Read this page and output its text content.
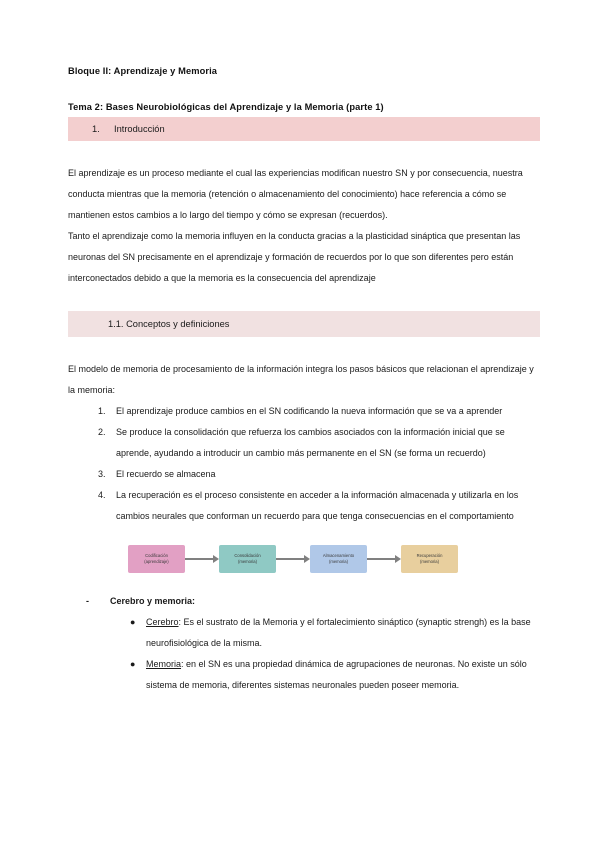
Bloque II: Aprendizaje y Memoria
Tema 2: Bases Neurobiológicas del Aprendizaje y la Memoria (parte 1)
1. Introducción

El aprendizaje es un proceso mediante el cual las experiencias modifican nuestro SN y por consecuencia, nuestra conducta mientras que la memoria (retención o almacenamiento del conocimiento) hace referencia a cómo se mantienen estos cambios a lo largo del tiempo y cómo se expresan (recuerdos).

Tanto el aprendizaje como la memoria influyen en la conducta gracias a la plasticidad sináptica que presentan las neuronas del SN precisamente en el aprendizaje y formación de recuerdos por lo que son diferentes pero están interconectados debido a que la memoria es la consecuencia del aprendizaje

1.1. Conceptos y definiciones

El modelo de memoria de procesamiento de la información integra los pasos básicos que relacionan el aprendizaje y la memoria:

1. El aprendizaje produce cambios en el SN codificando la nueva información que se va a aprender
2. Se produce la consolidación que refuerza los cambios asociados con la información inicial que se aprende, ayudando a introducir un cambio más permanente en el SN (se forma un recuerdo)
3. El recuerdo se almacena
4. La recuperación es el proceso consistente en acceder a la información almacenada y utilizarla en los cambios neurales que conforman un recuerdo para que tenga consecuencias en el comportamiento
Codificación
(aprendizaje)
Consolidación
(memoria)
Almacenamiento
(memoria)
Recuperación
(memoria)
- Cerebro y memoria:
● Cerebro: Es el sustrato de la Memoria y el fortalecimiento sináptico (synaptic strengh) es la base neurofisiológica de la misma.
● Memoria: en el SN es una propiedad dinámica de agrupaciones de neuronas. No existe un sólo sistema de memoria, diferentes sistemas neuronales pueden poseer memoria.
